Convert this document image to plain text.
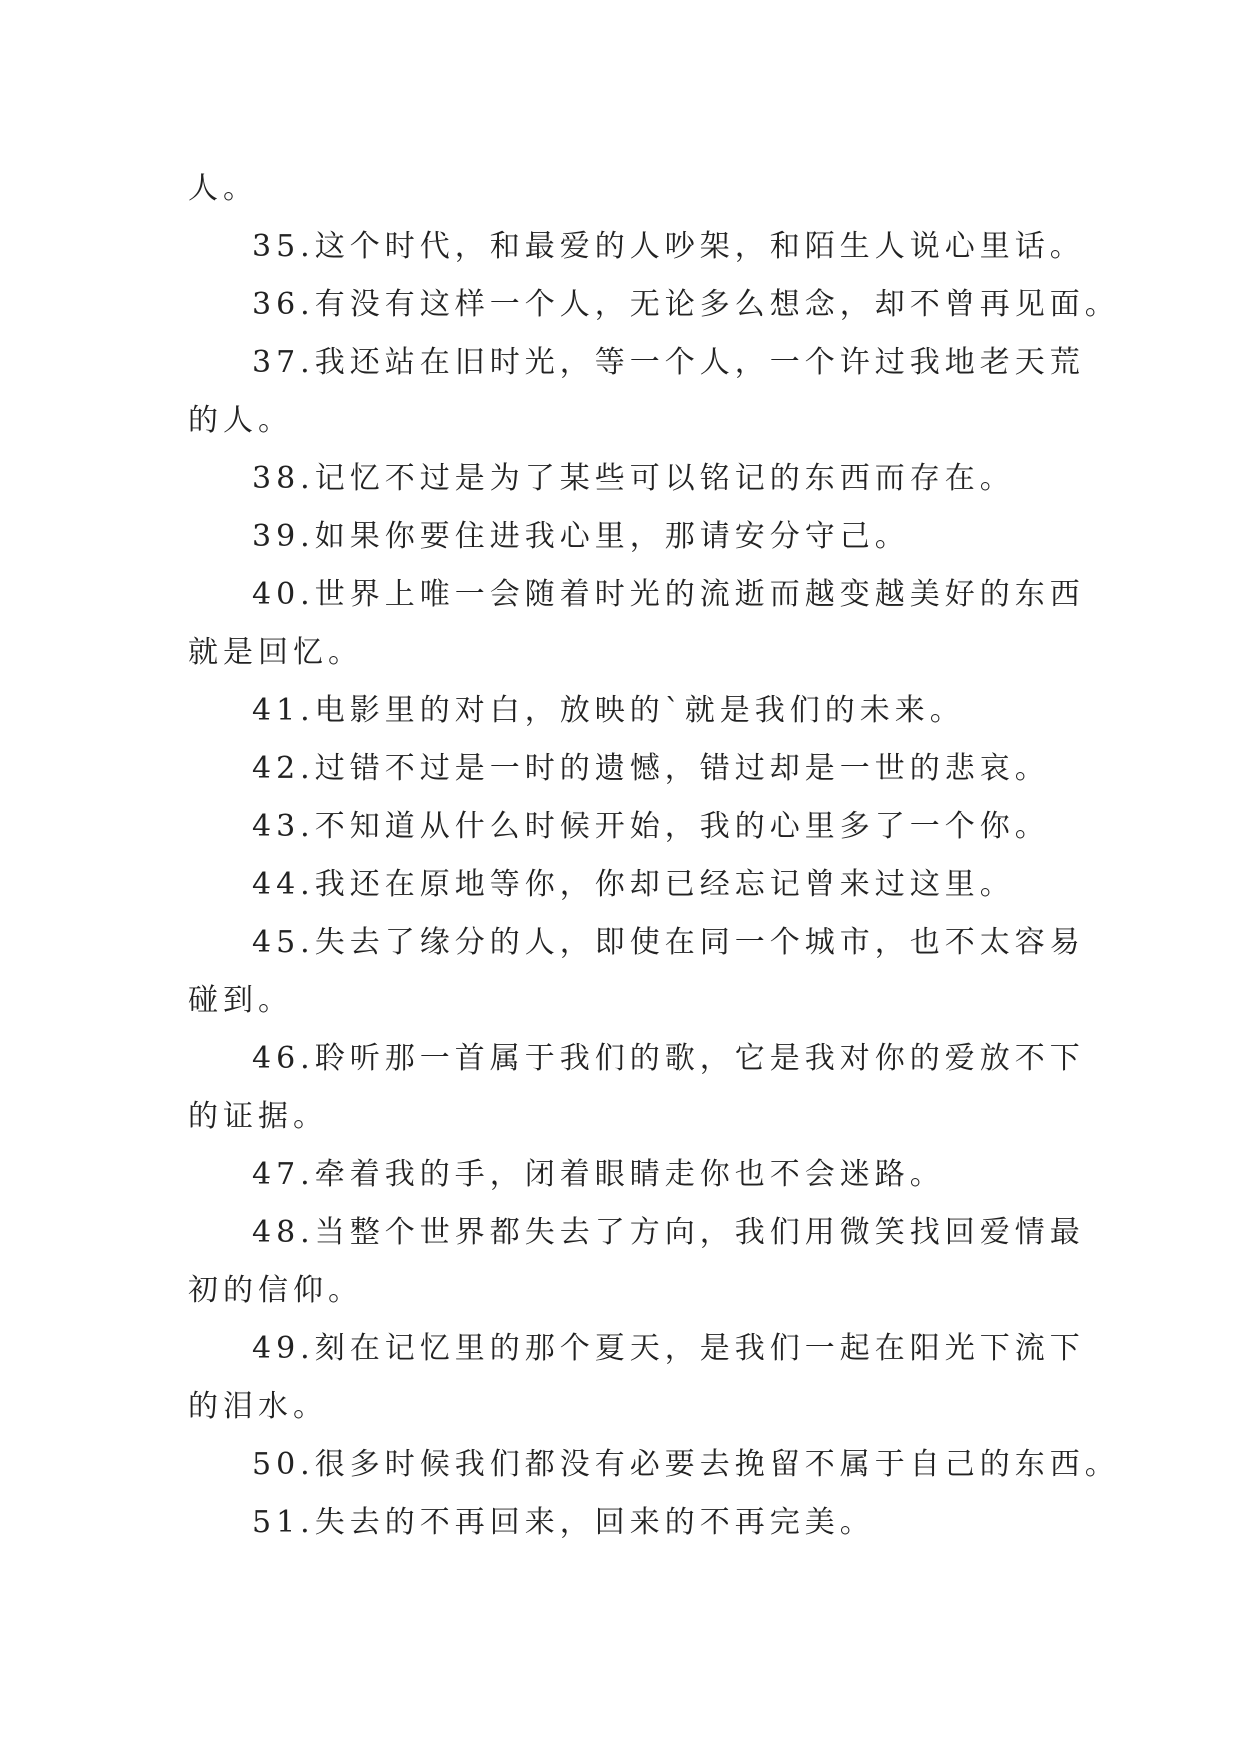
人。

35.这个时代，和最爱的人吵架，和陌生人说心里话。

36.有没有这样一个人，无论多么想念，却不曾再见面。

37.我还站在旧时光，等一个人，一个许过我地老天荒

的人。

38.记忆不过是为了某些可以铭记的东西而存在。

39.如果你要住进我心里，那请安分守己。

40.世界上唯一会随着时光的流逝而越变越美好的东西

就是回忆。

41.电影里的对白，放映的`就是我们的未来。

42.过错不过是一时的遗憾，错过却是一世的悲哀。

43.不知道从什么时候开始，我的心里多了一个你。

44.我还在原地等你，你却已经忘记曾来过这里。

45.失去了缘分的人，即使在同一个城市，也不太容易

碰到。

46.聆听那一首属于我们的歌，它是我对你的爱放不下

的证据。

47.牵着我的手，闭着眼睛走你也不会迷路。

48.当整个世界都失去了方向，我们用微笑找回爱情最

初的信仰。

49.刻在记忆里的那个夏天，是我们一起在阳光下流下

的泪水。

50.很多时候我们都没有必要去挽留不属于自己的东西。

51.失去的不再回来，回来的不再完美。
